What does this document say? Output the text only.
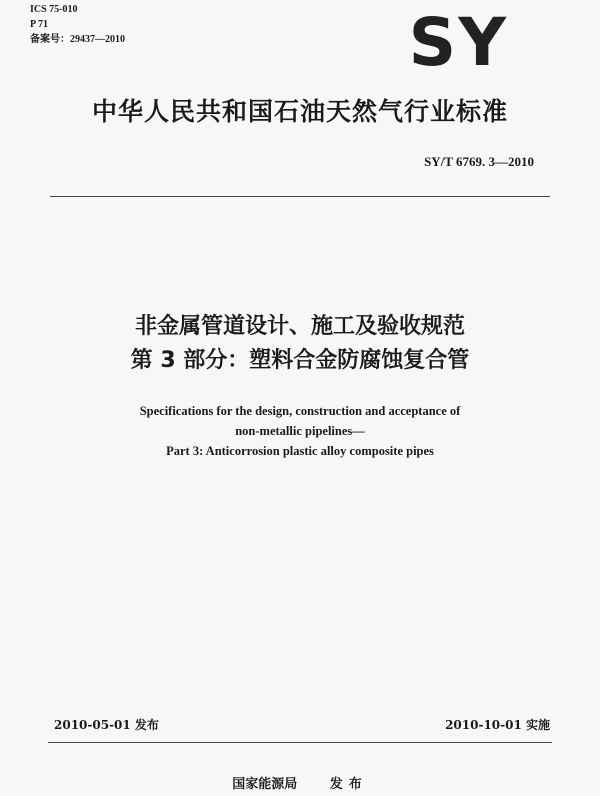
ICS 75-010
P 71
备案号：29437—2010	SY
中华人民共和国石油天然气行业标准
SY/T 6769. 3—2010
非金属管道设计、施工及验收规范
第 3 部分：塑料合金防腐蚀复合管
Specifications for the design, construction and acceptance of
non-metallic pipelines—
Part 3: Anticorrosion plastic alloy composite pipes
2010-05-01 发布	2010-10-01 实施
国家能源局	发布
